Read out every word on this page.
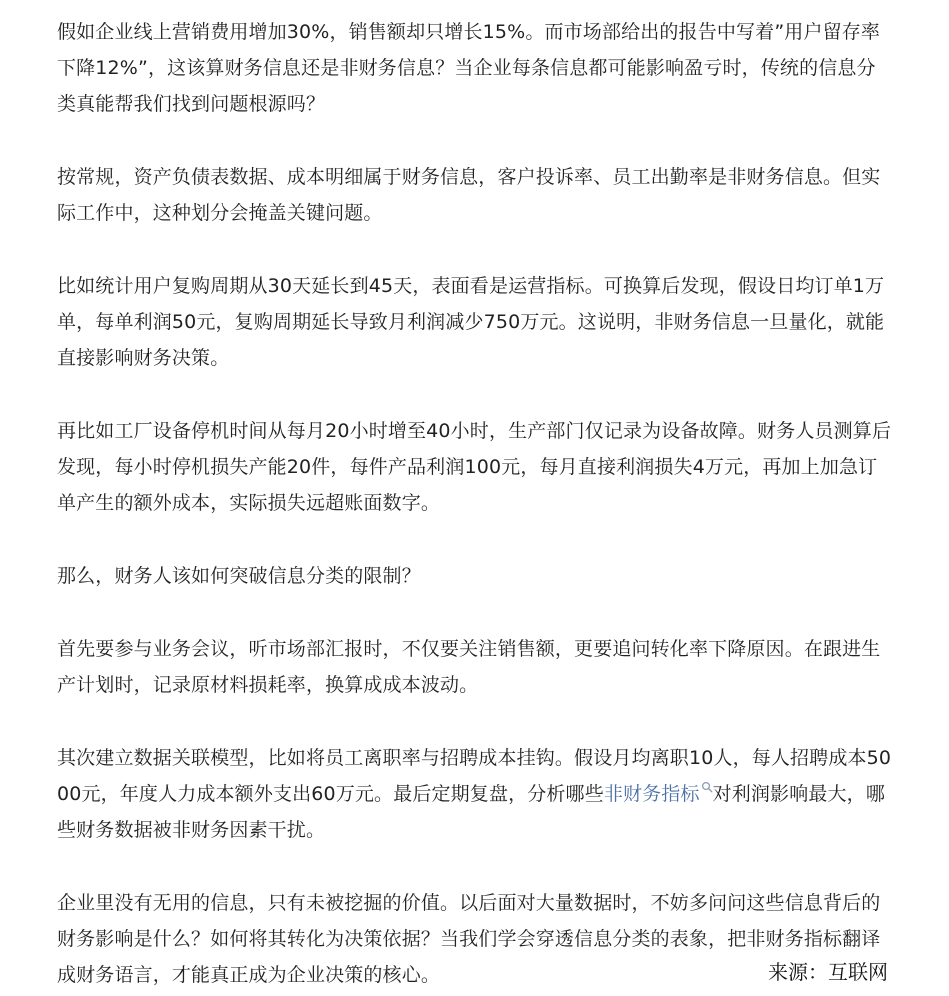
假如企业线上营销费用增加30%，销售额却只增长15%。而市场部给出的报告中写着”用户留存率下降12%”，这该算财务信息还是非财务信息？当企业每条信息都可能影响盈亏时，传统的信息分类真能帮我们找到问题根源吗？

按常规，资产负债表数据、成本明细属于财务信息，客户投诉率、员工出勤率是非财务信息。但实际工作中，这种划分会掩盖关键问题。

比如统计用户复购周期从30天延长到45天，表面看是运营指标。可换算后发现，假设日均订单1万单，每单利润50元，复购周期延长导致月利润减少750万元。这说明，非财务信息一旦量化，就能直接影响财务决策。

再比如工厂设备停机时间从每月20小时增至40小时，生产部门仅记录为设备故障。财务人员测算后发现，每小时停机损失产能20件，每件产品利润100元，每月直接利润损失4万元，再加上加急订单产生的额外成本，实际损失远超账面数字。

那么，财务人该如何突破信息分类的限制？

首先要参与业务会议，听市场部汇报时，不仅要关注销售额，更要追问转化率下降原因。在跟进生产计划时，记录原材料损耗率，换算成成本波动。

其次建立数据关联模型，比如将员工离职率与招聘成本挂钩。假设月均离职10人，每人招聘成本5000元，年度人力成本额外支出60万元。最后定期复盘，分析哪些非财务指标 对利润影响最大，哪些财务数据被非财务因素干扰。

企业里没有无用的信息，只有未被挖掘的价值。以后面对大量数据时，不妨多问问这些信息背后的财务影响是什么？如何将其转化为决策依据？当我们学会穿透信息分类的表象，把非财务指标翻译成财务语言，才能真正成为企业决策的核心。	来源：互联网
